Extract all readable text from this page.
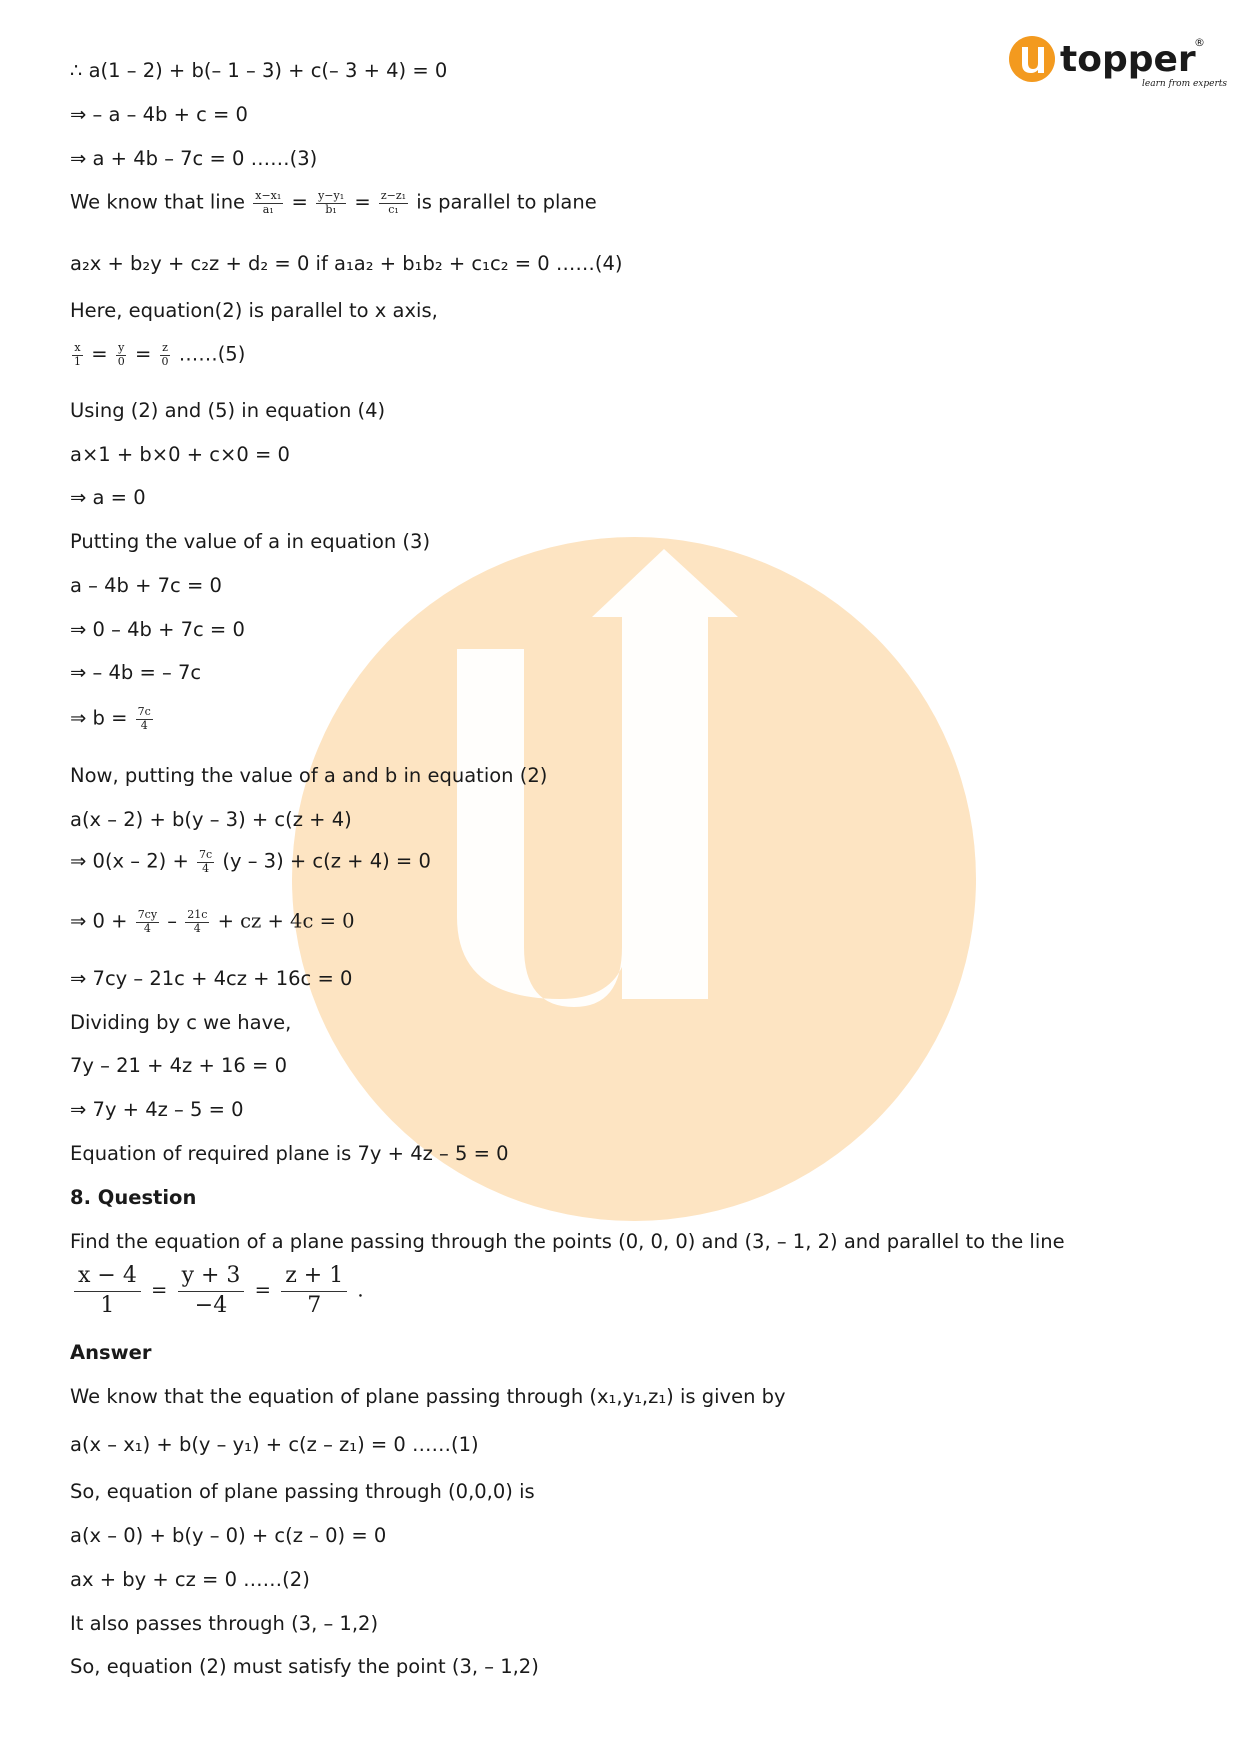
topper
®
learn from experts
∴ a(1 – 2) + b(– 1 – 3) + c(– 3 + 4) = 0
⇒ – a – 4b + c = 0
⇒ a + 4b – 7c = 0 ……(3)
We know that line $\frac{\text{x−x₁}}{\text{a₁}} = \frac{\text{y−y₁}}{\text{b₁}} = \frac{\text{z−z₁}}{\text{c₁}}$ is parallel to plane
a₂x + b₂y + c₂z + d₂ = 0 if a₁a₂ + b₁b₂ + c₁c₂ = 0 ……(4)
Here, equation(2) is parallel to x axis,
$\frac{x}{1} = \frac{y}{0} = \frac{z}{0}$ ……(5)
Using (2) and (5) in equation (4)
a×1 + b×0 + c×0 = 0
⇒ a = 0
Putting the value of a in equation (3)
a – 4b + 7c = 0
⇒ 0 – 4b + 7c = 0
⇒ – 4b = – 7c
⇒ $b = \frac{7c}{4}$
Now, putting the value of a and b in equation (2)
a(x – 2) + b(y – 3) + c(z + 4)
⇒ $0(x - 2) + \frac{7c}{4} (y - 3) + c(z + 4) = 0$
⇒ $0 + \frac{7cy}{4} - \frac{21c}{4}$ + cz + 4c = 0
⇒ 7cy – 21c + 4cz + 16c = 0
Dividing by c we have,
7y – 21 + 4z + 16 = 0
⇒ 7y + 4z – 5 = 0
Equation of required plane is 7y + 4z – 5 = 0
8. Question
Find the equation of a plane passing through the points (0, 0, 0) and (3, – 1, 2) and parallel to the line
$\frac{x - 4}{1} = \frac{y + 3}{-4} = \frac{z + 1}{7}$ .
Answer
We know that the equation of plane passing through (x₁,y₁,z₁) is given by
a(x – x₁) + b(y – y₁) + c(z – z₁) = 0 ……(1)
So, equation of plane passing through (0,0,0) is
a(x – 0) + b(y – 0) + c(z – 0) = 0
ax + by + cz = 0 ……(2)
It also passes through (3, – 1,2)
So, equation (2) must satisfy the point (3, – 1,2)
